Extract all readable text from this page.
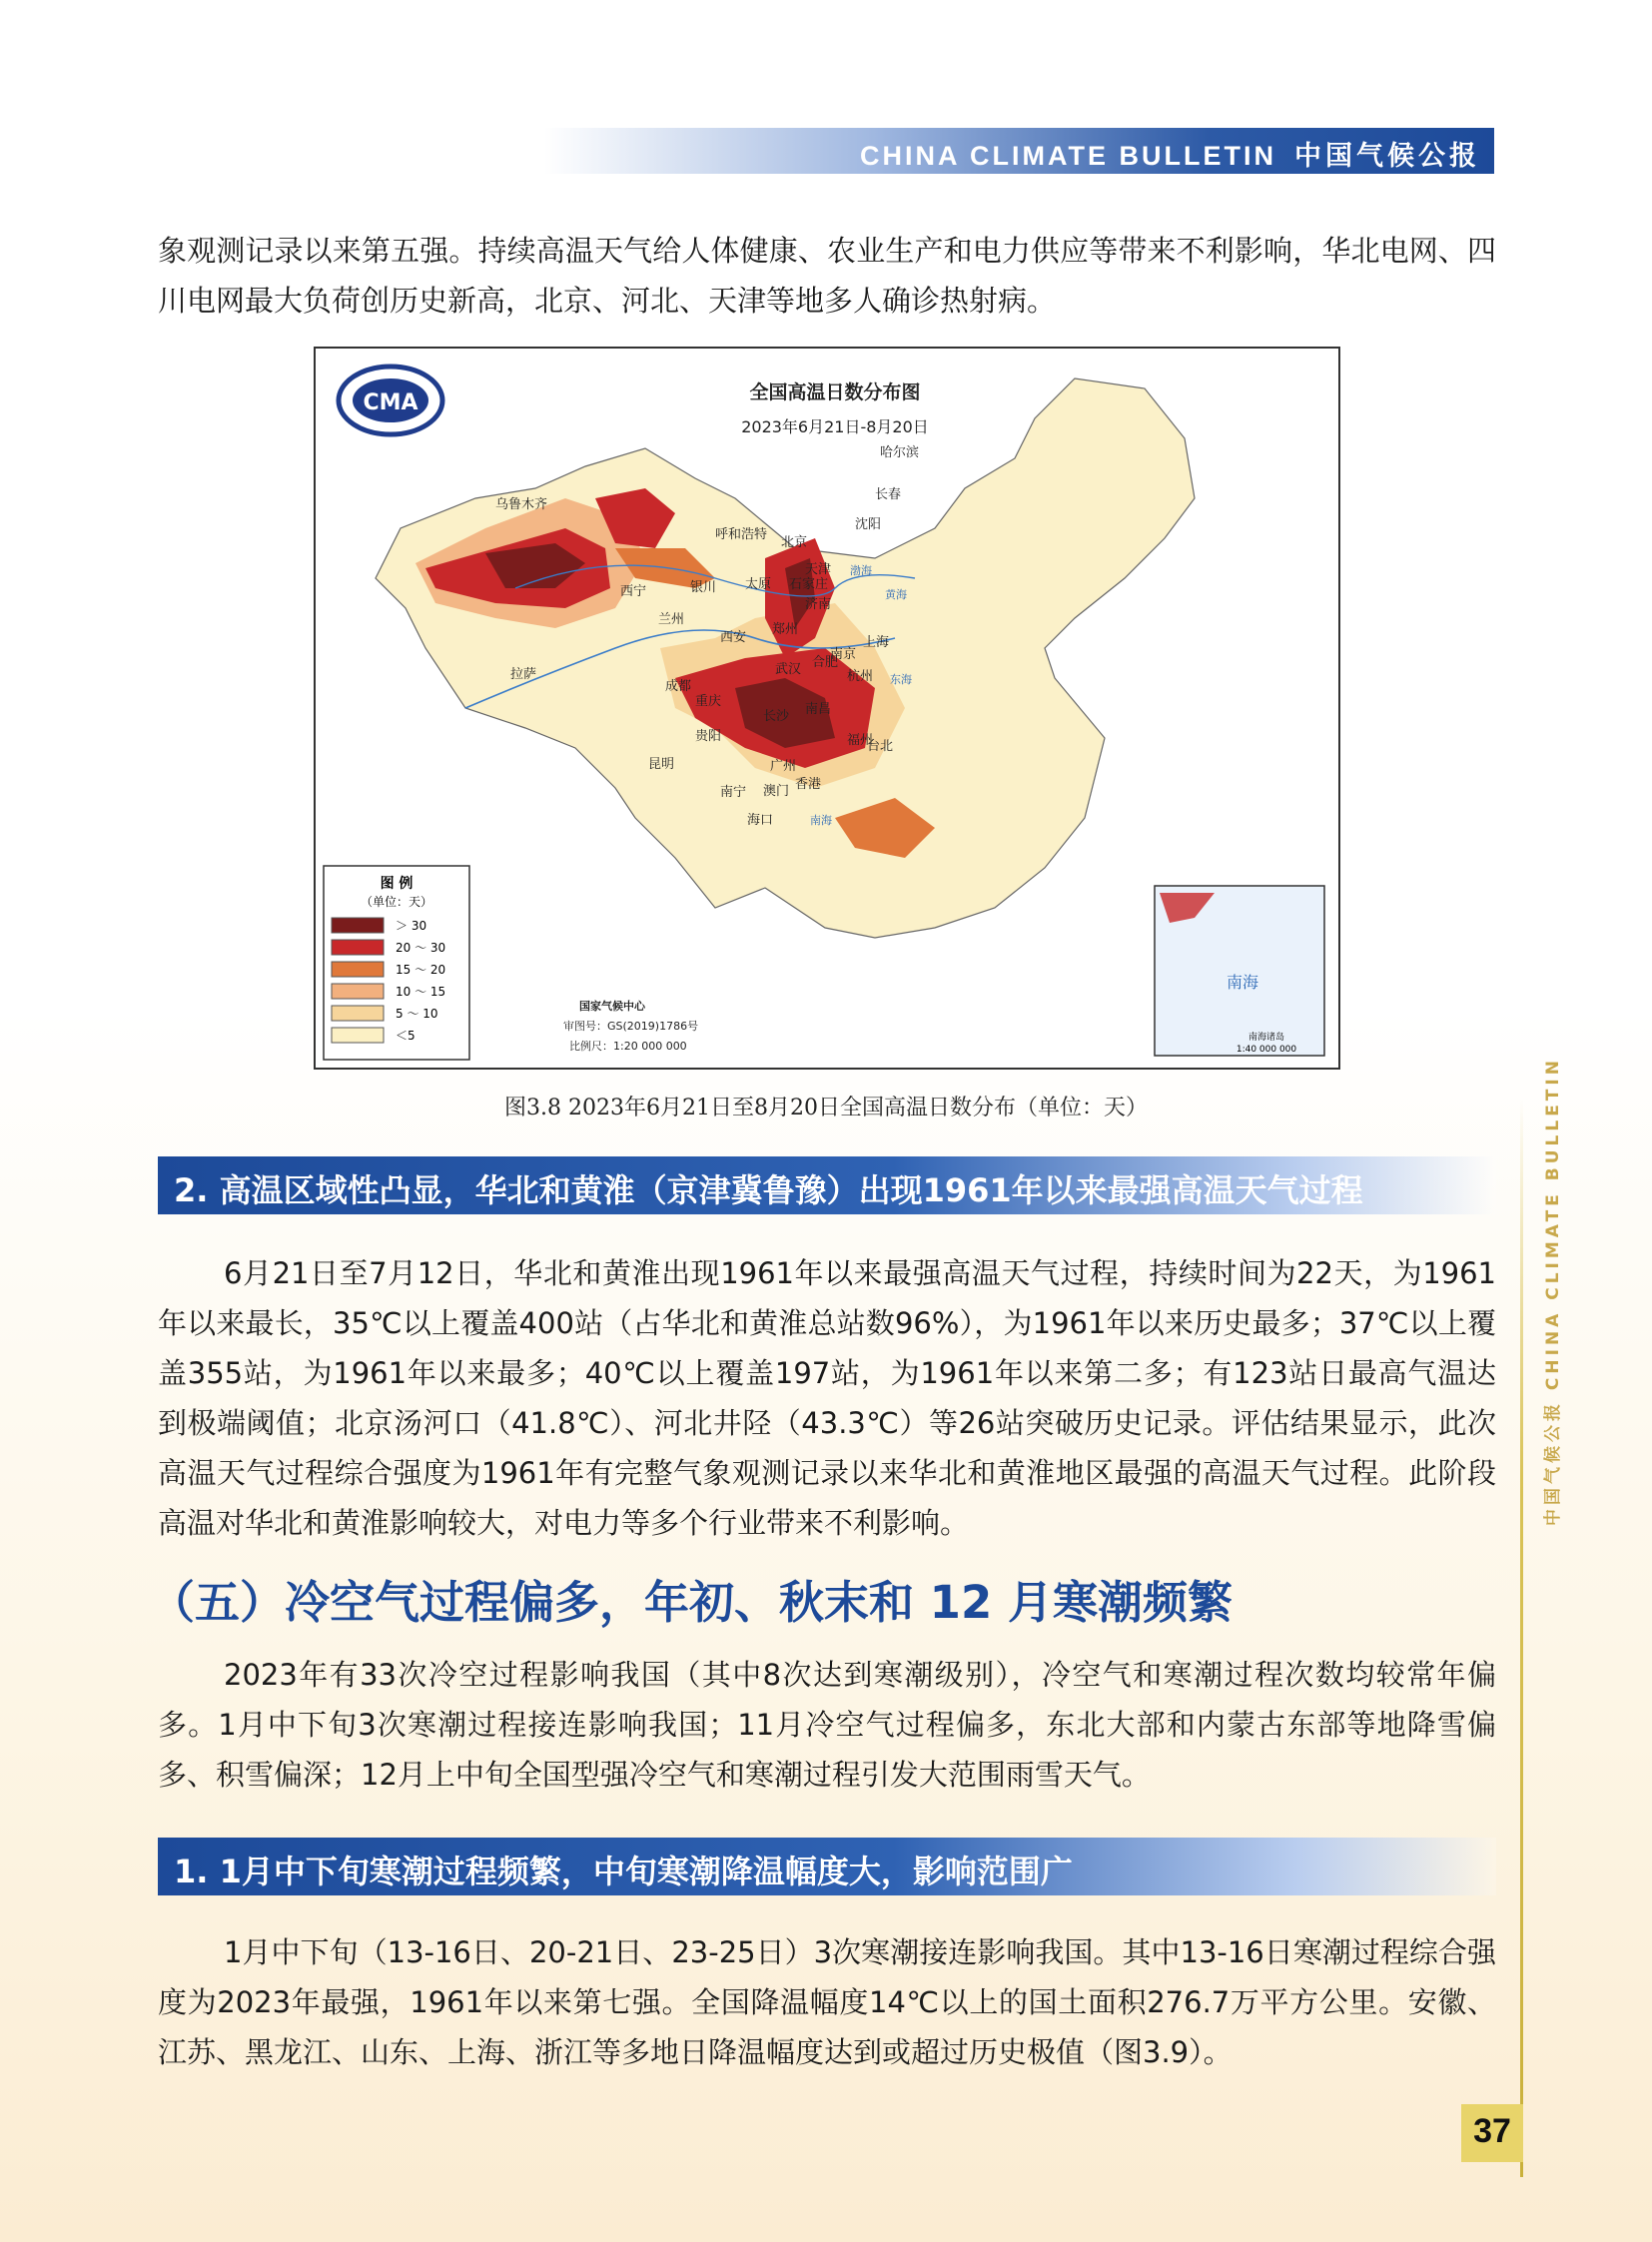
CHINA CLIMATE BULLETIN 中国气候公报

象观测记录以来第五强。持续高温天气给人体健康、农业生产和电力供应等带来不利影响，华北电网、四川电网最大负荷创历史新高，北京、河北、天津等地多人确诊热射病。

CMA	全国高温日数分布图
2023年6月21日-8月20日
乌鲁木齐
哈尔滨
长春
沈阳
呼和浩特
北京
天津
石家庄
太原
济南
银川
西宁
兰州
郑州
西安
拉萨
成都
重庆
武汉 合肥
南京
上海
杭州
长沙 南昌
福州
台北
贵阳
昆明	广州
南宁
香港
澳门
海口
渤海
黄海
东海
南海
图 例
（单位：天）
＞ 30
20 ～ 30
15 ～ 20
10 ～ 15
5 ～ 10
＜5
国家气候中心
审图号：GS(2019)1786号
比例尺：1:20 000 000
南海
南海诸岛
1:40 000 000
图3.8 2023年6月21日至8月20日全国高温日数分布（单位：天）
2. 高温区域性凸显，华北和黄淮（京津冀鲁豫）出现1961年以来最强高温天气过程

6月21日至7月12日，华北和黄淮出现1961年以来最强高温天气过程，持续时间为22天，为1961年以来最长，35℃以上覆盖400站（占华北和黄淮总站数96%），为1961年以来历史最多；37℃以上覆盖355站，为1961年以来最多；40℃以上覆盖197站，为1961年以来第二多；有123站日最高气温达到极端阈值；北京汤河口（41.8℃）、河北井陉（43.3℃）等26站突破历史记录。评估结果显示，此次高温天气过程综合强度为1961年有完整气象观测记录以来华北和黄淮地区最强的高温天气过程。此阶段高温对华北和黄淮影响较大，对电力等多个行业带来不利影响。

（五）冷空气过程偏多，年初、秋末和 12 月寒潮频繁

2023年有33次冷空过程影响我国（其中8次达到寒潮级别），冷空气和寒潮过程次数均较常年偏多。1月中下旬3次寒潮过程接连影响我国；11月冷空气过程偏多，东北大部和内蒙古东部等地降雪偏多、积雪偏深；12月上中旬全国型强冷空气和寒潮过程引发大范围雨雪天气。

1. 1月中下旬寒潮过程频繁，中旬寒潮降温幅度大，影响范围广

1月中下旬（13-16日、20-21日、23-25日）3次寒潮接连影响我国。其中13-16日寒潮过程综合强度为2023年最强，1961年以来第七强。全国降温幅度14℃以上的国土面积276.7万平方公里。安徽、江苏、黑龙江、山东、上海、浙江等多地日降温幅度达到或超过历史极值（图3.9）。

中国气候公报 CHINA CLIMATE BULLETIN
37
